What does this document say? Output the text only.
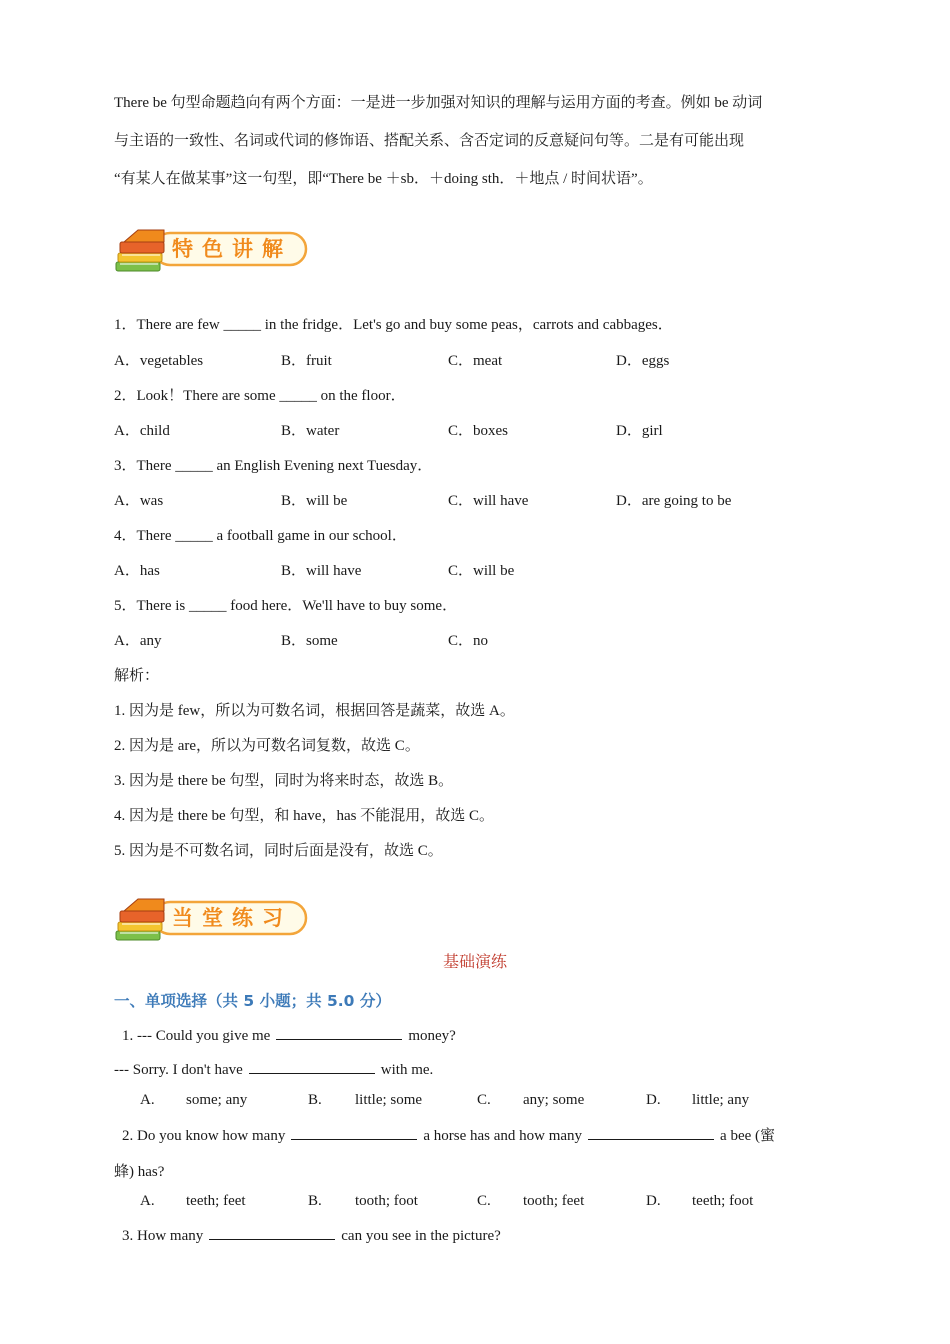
There be 句型命题趋向有两个方面：一是进一步加强对知识的理解与运用方面的考查。例如 be 动词
与主语的一致性、名词或代词的修饰语、搭配关系、含否定词的反意疑问句等。二是有可能出现
“有某人在做某事”这一句型，即“There be ＋sb．＋doing sth．＋地点 / 时间状语”。
特色讲解
1．There are few _____ in the fridge．Let's go and buy some peas，carrots and cabbages．
A．vegetables	B．fruit	C．meat	D．eggs
2．Look！There are some _____ on the floor．
A．child	B．water	C．boxes	D．girl
3．There _____ an English Evening next Tuesday．
A．was	B．will be	C．will have	D．are going to be
4．There _____ a football game in our school．
A．has	B．will have	C．will be
5．There is _____ food here．We'll have to buy some．
A．any	B．some	C．no
解析：
1. 因为是 few，所以为可数名词，根据回答是蔬菜，故选 A。
2. 因为是 are，所以为可数名词复数，故选 C。
3. 因为是 there be 句型，同时为将来时态，故选 B。
4. 因为是 there be 句型，和 have，has 不能混用，故选 C。
5. 因为是不可数名词，同时后面是没有，故选 C。
当堂练习
基础演练
一、单项选择（共 5 小题；共 5.0 分）
1. --- Could you give me	money?
--- Sorry. I don't have	with me.
A. some; any	B. little; some	C. any; some	D. little; any
2. Do you know how many	a horse has and how many	a bee (蜜
蜂) has?
A. teeth; feet	B. tooth; foot	C. tooth; feet	D. teeth; foot
3. How many	can you see in the picture?
